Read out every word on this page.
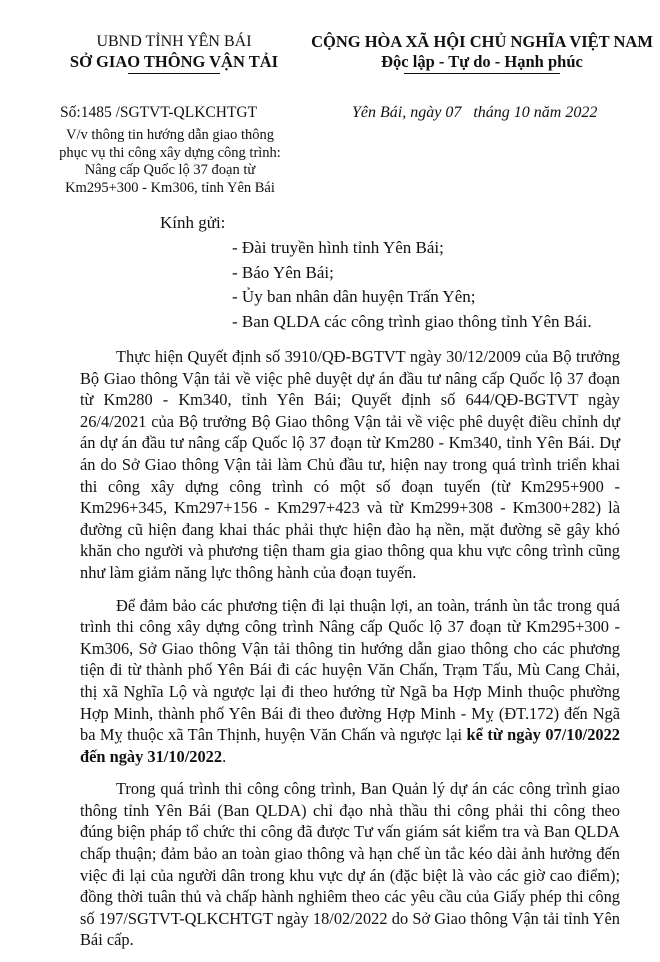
UBND TỈNH YÊN BÁI
SỞ GIAO THÔNG VẬN TẢI
CỘNG HÒA XÃ HỘI CHỦ NGHĨA VIỆT NAM
Độc lập - Tự do - Hạnh phúc
Số:1485 /SGTVT-QLKCHTGT	Yên Bái, ngày 07   tháng 10 năm 2022
V/v thông tin hướng dẫn giao thông
phục vụ thi công xây dựng công trình:
Nâng cấp Quốc lộ 37 đoạn từ
Km295+300 - Km306, tỉnh Yên Bái
Kính gửi:
- Đài truyền hình tỉnh Yên Bái;
- Báo Yên Bái;
- Ủy ban nhân dân huyện Trấn Yên;
- Ban QLDA các công trình giao thông tỉnh Yên Bái.

Thực hiện Quyết định số 3910/QĐ-BGTVT ngày 30/12/2009 của Bộ trưởng Bộ Giao thông Vận tải về việc phê duyệt dự án đầu tư nâng cấp Quốc lộ 37 đoạn từ Km280 - Km340, tỉnh Yên Bái; Quyết định số 644/QĐ-BGTVT ngày 26/4/2021 của Bộ trưởng Bộ Giao thông Vận tải về việc phê duyệt điều chỉnh dự án dự án đầu tư nâng cấp Quốc lộ 37 đoạn từ Km280 - Km340, tỉnh Yên Bái. Dự án do Sở Giao thông Vận tải làm Chủ đầu tư, hiện nay trong quá trình triển khai thi công xây dựng công trình có một số đoạn tuyến (từ Km295+900 - Km296+345, Km297+156 - Km297+423 và từ Km299+308 - Km300+282) là đường cũ hiện đang khai thác phải thực hiện đào hạ nền, mặt đường sẽ gây khó khăn cho người và phương tiện tham gia giao thông qua khu vực công trình cũng như làm giảm năng lực thông hành của đoạn tuyến.

Để đảm bảo các phương tiện đi lại thuận lợi, an toàn, tránh ùn tắc trong quá trình thi công xây dựng công trình Nâng cấp Quốc lộ 37 đoạn từ Km295+300 - Km306, Sở Giao thông Vận tải thông tin hướng dẫn giao thông cho các phương tiện đi từ thành phố Yên Bái đi các huyện Văn Chấn, Trạm Tấu, Mù Cang Chải, thị xã Nghĩa Lộ và ngược lại đi theo hướng từ Ngã ba Hợp Minh thuộc phường Hợp Minh, thành phố Yên Bái đi theo đường Hợp Minh - Mỵ (ĐT.172) đến Ngã ba Mỵ thuộc xã Tân Thịnh, huyện Văn Chấn và ngược lại kể từ ngày 07/10/2022 đến ngày 31/10/2022.

Trong quá trình thi công công trình, Ban Quản lý dự án các công trình giao thông tỉnh Yên Bái (Ban QLDA) chỉ đạo nhà thầu thi công phải thi công theo đúng biện pháp tổ chức thi công đã được Tư vấn giám sát kiểm tra và Ban QLDA chấp thuận; đảm bảo an toàn giao thông và hạn chế ùn tắc kéo dài ảnh hưởng đến việc đi lại của người dân trong khu vực dự án (đặc biệt là vào các giờ cao điểm); đồng thời tuân thủ và chấp hành nghiêm theo các yêu cầu của Giấy phép thi công số 197/SGTVT-QLKCHTGT ngày 18/02/2022 do Sở Giao thông Vận tải tỉnh Yên Bái cấp.
